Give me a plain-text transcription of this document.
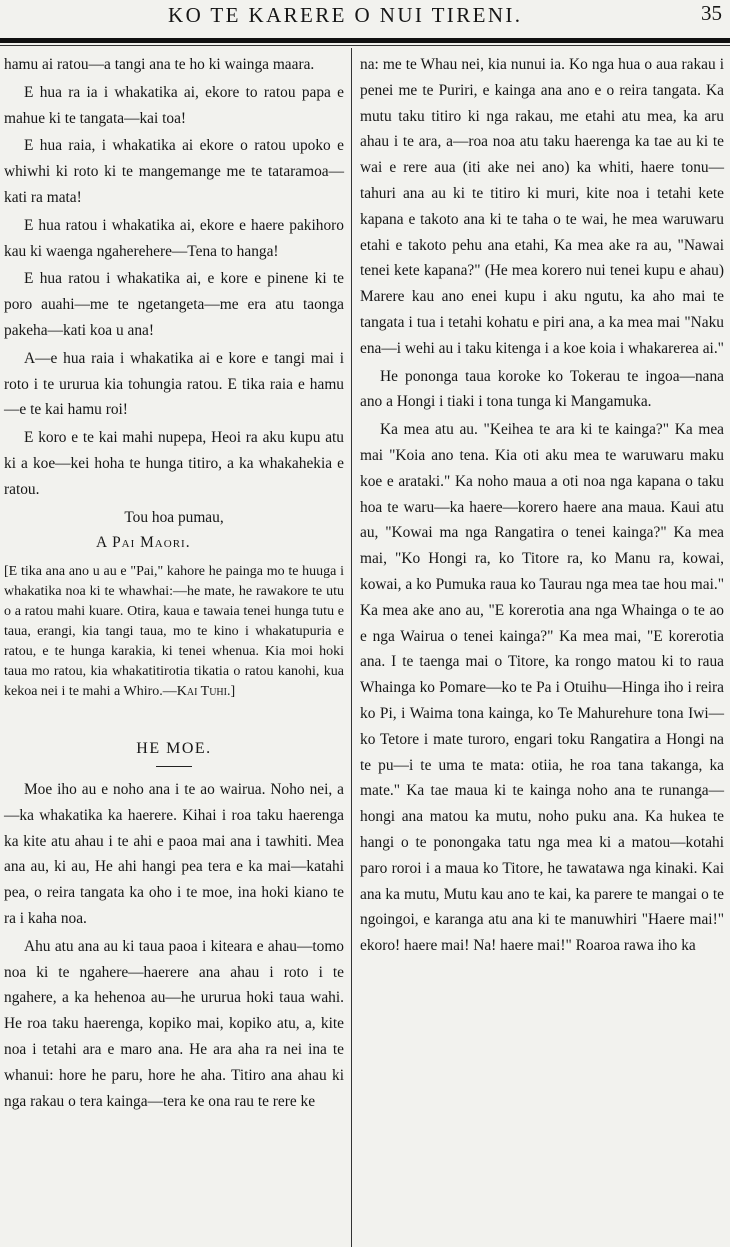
KO TE KARERE O NUI TIRENI.	35

hamu ai ratou—a tangi ana te ho ki wainga maara.

E hua ra ia i whakatika ai, ekore to ratou papa e mahue ki te tangata—kai toa!

E hua raia, i whakatika ai ekore o ratou upoko e whiwhi ki roto ki te mangemange me te tataramoa—kati ra mata!

E hua ratou i whakatika ai, ekore e haere pakihoro kau ki waenga ngaherehere—Tena to hanga!

E hua ratou i whakatika ai, e kore e pinene ki te poro auahi—me te ngetangeta—me era atu taonga pakeha—kati koa u ana!

A—e hua raia i whakatika ai e kore e tangi mai i roto i te ururua kia tohungia ratou. E tika raia e hamu—e te kai hamu roi!

E koro e te kai mahi nupepa, Heoi ra aku kupu atu ki a koe—kei hoha te hunga titiro, a ka whakahekia e ratou.

Tou hoa pumau,

A Pai Maori.

[E tika ana ano u au e "Pai," kahore he painga mo te huuga i whakatika noa ki te whawhai:—he mate, he rawakore te utu o a ratou mahi kuare. Otira, kaua e tawaia tenei hunga tutu e taua, erangi, kia tangi taua, mo te kino i whakatupuria e ratou, e te hunga karakia, ki tenei whenua. Kia moi hoki taua mo ratou, kia whakatitirotia tikatia o ratou kanohi, kua kekoa nei i te mahi a Whiro.—Kai Tuhi.]

HE MOE.

Moe iho au e noho ana i te ao wairua. Noho nei, a—ka whakatika ka haerere. Kihai i roa taku haerenga ka kite atu ahau i te ahi e paoa mai ana i tawhiti. Mea ana au, ki au, He ahi hangi pea tera e ka mai—katahi pea, o reira tangata ka oho i te moe, ina hoki kiano te ra i kaha noa.

Ahu atu ana au ki taua paoa i kiteara e ahau—tomo noa ki te ngahere—haerere ana ahau i roto i te ngahere, a ka hehenoa au—he ururua hoki taua wahi. He roa taku haerenga, kopiko mai, kopiko atu, a, kite noa i tetahi ara e maro ana. He ara aha ra nei ina te whanui: hore he paru, hore he aha. Titiro ana ahau ki nga rakau o tera kainga—tera ke ona rau te rere ke

na: me te Whau nei, kia nunui ia. Ko nga hua o aua rakau i penei me te Puriri, e kainga ana ano e o reira tangata. Ka mutu taku titiro ki nga rakau, me etahi atu mea, ka aru ahau i te ara, a—roa noa atu taku haerenga ka tae au ki te wai e rere aua (iti ake nei ano) ka whiti, haere tonu—tahuri ana au ki te titiro ki muri, kite noa i tetahi kete kapana e takoto ana ki te taha o te wai, he mea waruwaru etahi e takoto pehu ana etahi, Ka mea ake ra au, "Nawai tenei kete kapana?" (He mea korero nui tenei kupu e ahau) Marere kau ano enei kupu i aku ngutu, ka aho mai te tangata i tua i tetahi kohatu e piri ana, a ka mea mai "Naku ena—i wehi au i taku kitenga i a koe koia i whakarerea ai."

He pononga taua koroke ko Tokerau te ingoa—nana ano a Hongi i tiaki i tona tunga ki Mangamuka.

Ka mea atu au. "Keihea te ara ki te kainga?" Ka mea mai "Koia ano tena. Kia oti aku mea te waruwaru maku koe e arataki." Ka noho maua a oti noa nga kapana o taku hoa te waru—ka haere—korero haere ana maua. Kaui atu au, "Kowai ma nga Rangatira o tenei kainga?" Ka mea mai, "Ko Hongi ra, ko Titore ra, ko Manu ra, kowai, kowai, a ko Pumuka raua ko Taurau nga mea tae hou mai." Ka mea ake ano au, "E korerotia ana nga Whainga o te ao e nga Wairua o tenei kainga?" Ka mea mai, "E korerotia ana. I te taenga mai o Titore, ka rongo matou ki to raua Whainga ko Pomare—ko te Pa i Otuihu—Hinga iho i reira ko Pi, i Waima tona kainga, ko Te Mahurehure tona Iwi—ko Tetore i mate turoro, engari toku Rangatira a Hongi na te pu—i te uma te mata: otiia, he roa tana takanga, ka mate." Ka tae maua ki te kainga noho ana te runanga—hongi ana matou ka mutu, noho puku ana. Ka hukea te hangi o te ponongaka tatu nga mea ki a matou—kotahi paro roroi i a maua ko Titore, he tawatawa nga kinaki. Kai ana ka mutu, Mutu kau ano te kai, ka parere te mangai o te ngoingoi, e karanga atu ana ki te manuwhiri "Haere mai!" ekoro! haere mai! Na! haere mai!" Roaroa rawa iho ka
